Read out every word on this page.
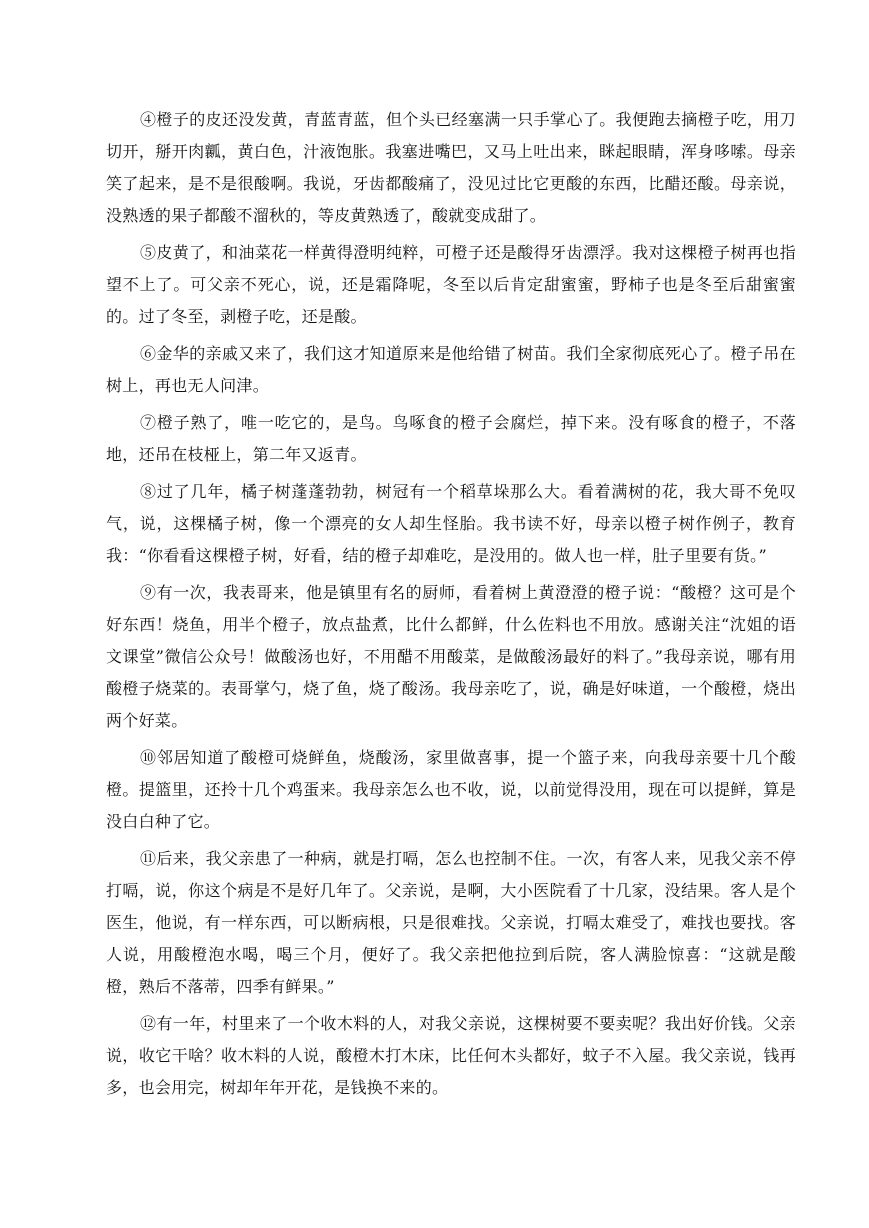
④橙子的皮还没发黄，青蓝青蓝，但个头已经塞满一只手掌心了。我便跑去摘橙子吃，用刀切开，掰开肉瓤，黄白色，汁液饱胀。我塞进嘴巴，又马上吐出来，眯起眼睛，浑身哆嗦。母亲笑了起来，是不是很酸啊。我说，牙齿都酸痛了，没见过比它更酸的东西，比醋还酸。母亲说，没熟透的果子都酸不溜秋的，等皮黄熟透了，酸就变成甜了。

⑤皮黄了，和油菜花一样黄得澄明纯粹，可橙子还是酸得牙齿漂浮。我对这棵橙子树再也指望不上了。可父亲不死心，说，还是霜降呢，冬至以后肯定甜蜜蜜，野柿子也是冬至后甜蜜蜜的。过了冬至，剥橙子吃，还是酸。

⑥金华的亲戚又来了，我们这才知道原来是他给错了树苗。我们全家彻底死心了。橙子吊在树上，再也无人问津。

⑦橙子熟了，唯一吃它的，是鸟。鸟啄食的橙子会腐烂，掉下来。没有啄食的橙子，不落地，还吊在枝桠上，第二年又返青。

⑧过了几年，橘子树蓬蓬勃勃，树冠有一个稻草垛那么大。看着满树的花，我大哥不免叹气，说，这棵橘子树，像一个漂亮的女人却生怪胎。我书读不好，母亲以橙子树作例子，教育我：“你看看这棵橙子树，好看，结的橙子却难吃，是没用的。做人也一样，肚子里要有货。”

⑨有一次，我表哥来，他是镇里有名的厨师，看着树上黄澄澄的橙子说：“酸橙？这可是个好东西！烧鱼，用半个橙子，放点盐煮，比什么都鲜，什么佐料也不用放。感谢关注“沈姐的语文课堂”微信公众号！做酸汤也好，不用醋不用酸菜，是做酸汤最好的料了。”我母亲说，哪有用酸橙子烧菜的。表哥掌勺，烧了鱼，烧了酸汤。我母亲吃了，说，确是好味道，一个酸橙，烧出两个好菜。

⑩邻居知道了酸橙可烧鲜鱼，烧酸汤，家里做喜事，提一个篮子来，向我母亲要十几个酸橙。提篮里，还拎十几个鸡蛋来。我母亲怎么也不收，说，以前觉得没用，现在可以提鲜，算是没白白种了它。

⑪后来，我父亲患了一种病，就是打嗝，怎么也控制不住。一次，有客人来，见我父亲不停打嗝，说，你这个病是不是好几年了。父亲说，是啊，大小医院看了十几家，没结果。客人是个医生，他说，有一样东西，可以断病根，只是很难找。父亲说，打嗝太难受了，难找也要找。客人说，用酸橙泡水喝，喝三个月，便好了。我父亲把他拉到后院，客人满脸惊喜：“这就是酸橙，熟后不落蒂，四季有鲜果。”

⑫有一年，村里来了一个收木料的人，对我父亲说，这棵树要不要卖呢？我出好价钱。父亲说，收它干啥？收木料的人说，酸橙木打木床，比任何木头都好，蚊子不入屋。我父亲说，钱再多，也会用完，树却年年开花，是钱换不来的。
